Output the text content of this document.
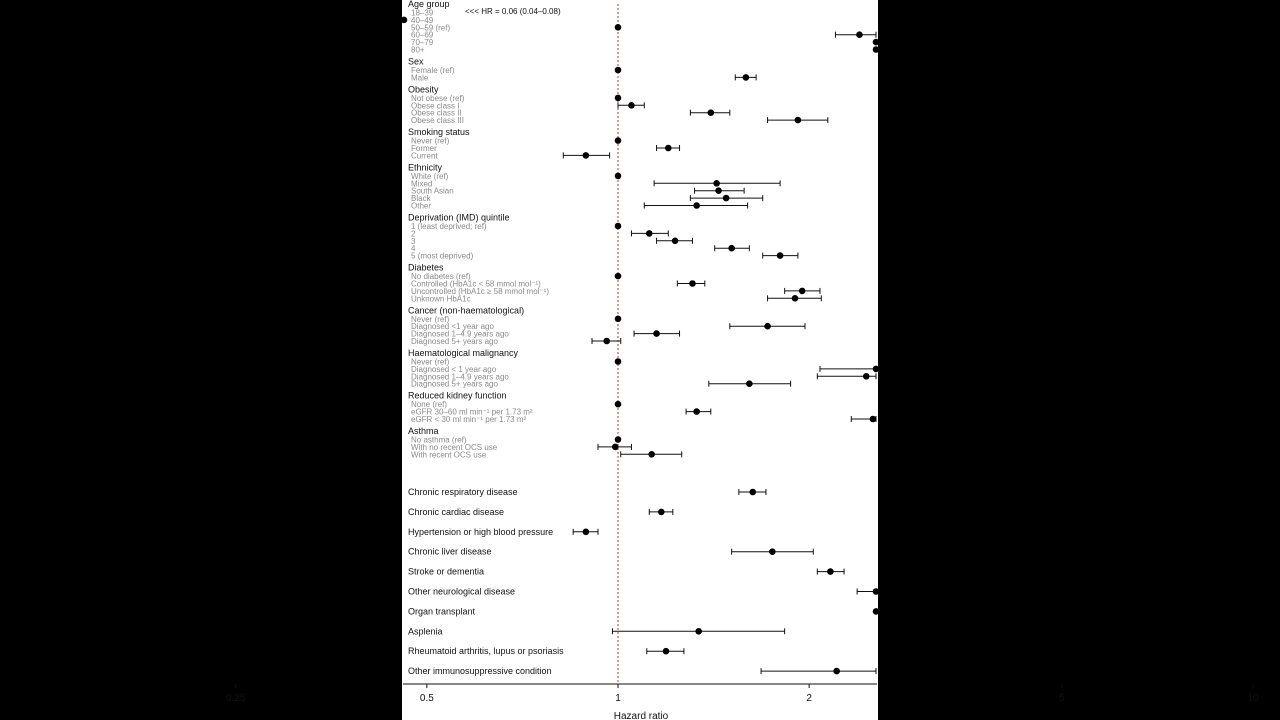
Age group
18–39
40–49
50–59 (ref)
60–69
70–79
80+
Sex
Female (ref)
Male
Obesity
Not obese (ref)
Obese class I
Obese class II
Obese class III
Smoking status
Never (ref)
Former
Current
Ethnicity
White (ref)
Mixed
South Asian
Black
Other
Deprivation (IMD) quintile
1 (least deprived; ref)
2
3
4
5 (most deprived)
Diabetes
No diabetes (ref)
Controlled (HbA1c < 58 mmol mol⁻¹)
Uncontrolled (HbA1c ≥ 58 mmol mol⁻¹)
Unknown HbA1c
Cancer (non-haematological)
Never (ref)
Diagnosed <1 year ago
Diagnosed 1–4.9 years ago
Diagnosed 5+ years ago
Haematological malignancy
Never (ref)
Diagnosed < 1 year ago
Diagnosed 1–4.9 years ago
Diagnosed 5+ years ago
Reduced kidney function
None (ref)
eGFR 30–60 ml min⁻¹ per 1.73 m²
eGFR < 30 ml min⁻¹ per 1.73 m²
Asthma
No asthma (ref)
With no recent OCS use
With recent OCS use
Chronic respiratory disease
Chronic cardiac disease
Hypertension or high blood pressure
Chronic liver disease
Stroke or dementia
Other neurological disease
Organ transplant
Asplenia
Rheumatoid arthritis, lupus or psoriasis
Other immunosuppressive condition
0.25	0.5	1	2	5	10
<<< HR = 0.06 (0.04–0.08)
Hazard ratio
